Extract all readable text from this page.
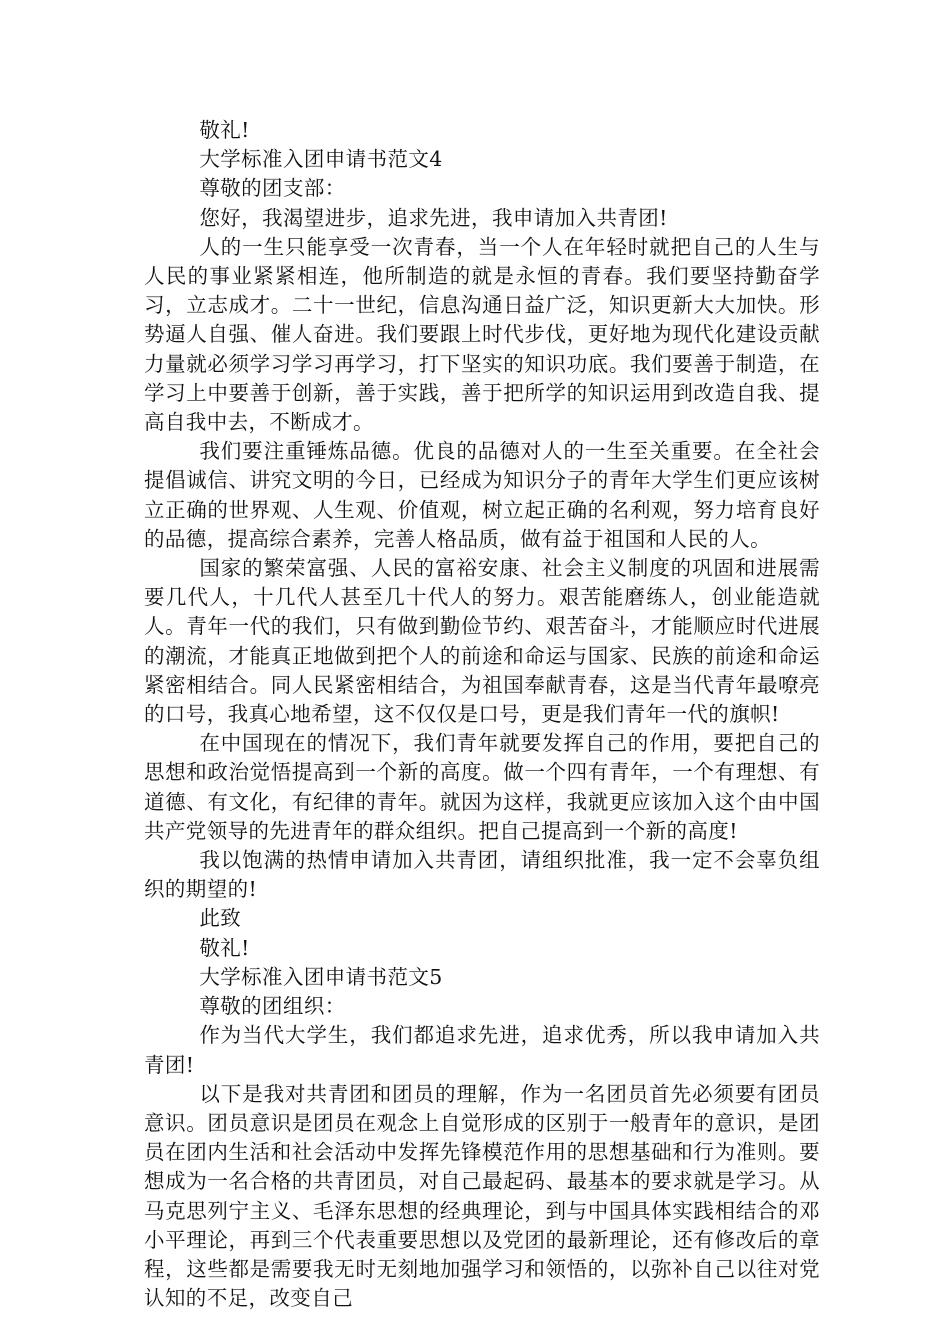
敬礼!

大学标准入团申请书范文4

尊敬的团支部：

您好，我渴望进步，追求先进，我申请加入共青团!

人的一生只能享受一次青春，当一个人在年轻时就把自己的人生与人民的事业紧紧相连，他所制造的就是永恒的青春。我们要坚持勤奋学习，立志成才。二十一世纪，信息沟通日益广泛，知识更新大大加快。形势逼人自强、催人奋进。我们要跟上时代步伐，更好地为现代化建设贡献力量就必须学习学习再学习，打下坚实的知识功底。我们要善于制造，在学习上中要善于创新，善于实践，善于把所学的知识运用到改造自我、提高自我中去，不断成才。

我们要注重锤炼品德。优良的品德对人的一生至关重要。在全社会提倡诚信、讲究文明的今日，已经成为知识分子的青年大学生们更应该树立正确的世界观、人生观、价值观，树立起正确的名利观，努力培育良好的品德，提高综合素养，完善人格品质，做有益于祖国和人民的人。

国家的繁荣富强、人民的富裕安康、社会主义制度的巩固和进展需要几代人，十几代人甚至几十代人的努力。艰苦能磨练人，创业能造就人。青年一代的我们，只有做到勤俭节约、艰苦奋斗，才能顺应时代进展的潮流，才能真正地做到把个人的前途和命运与国家、民族的前途和命运紧密相结合。同人民紧密相结合，为祖国奉献青春，这是当代青年最嘹亮的口号，我真心地希望，这不仅仅是口号，更是我们青年一代的旗帜!

在中国现在的情况下，我们青年就要发挥自己的作用，要把自己的思想和政治觉悟提高到一个新的高度。做一个四有青年，一个有理想、有道德、有文化，有纪律的青年。就因为这样，我就更应该加入这个由中国共产党领导的先进青年的群众组织。把自己提高到一个新的高度!

我以饱满的热情申请加入共青团，请组织批准，我一定不会辜负组织的期望的!

此致

敬礼!

大学标准入团申请书范文5

尊敬的团组织：

作为当代大学生，我们都追求先进，追求优秀，所以我申请加入共青团!

以下是我对共青团和团员的理解，作为一名团员首先必须要有团员意识。团员意识是团员在观念上自觉形成的区别于一般青年的意识，是团员在团内生活和社会活动中发挥先锋模范作用的思想基础和行为准则。要想成为一名合格的共青团员，对自己最起码、最基本的要求就是学习。从马克思列宁主义、毛泽东思想的经典理论，到与中国具体实践相结合的邓小平理论，再到三个代表重要思想以及党团的最新理论，还有修改后的章程，这些都是需要我无时无刻地加强学习和领悟的，以弥补自己以往对党认知的不足，改变自己
